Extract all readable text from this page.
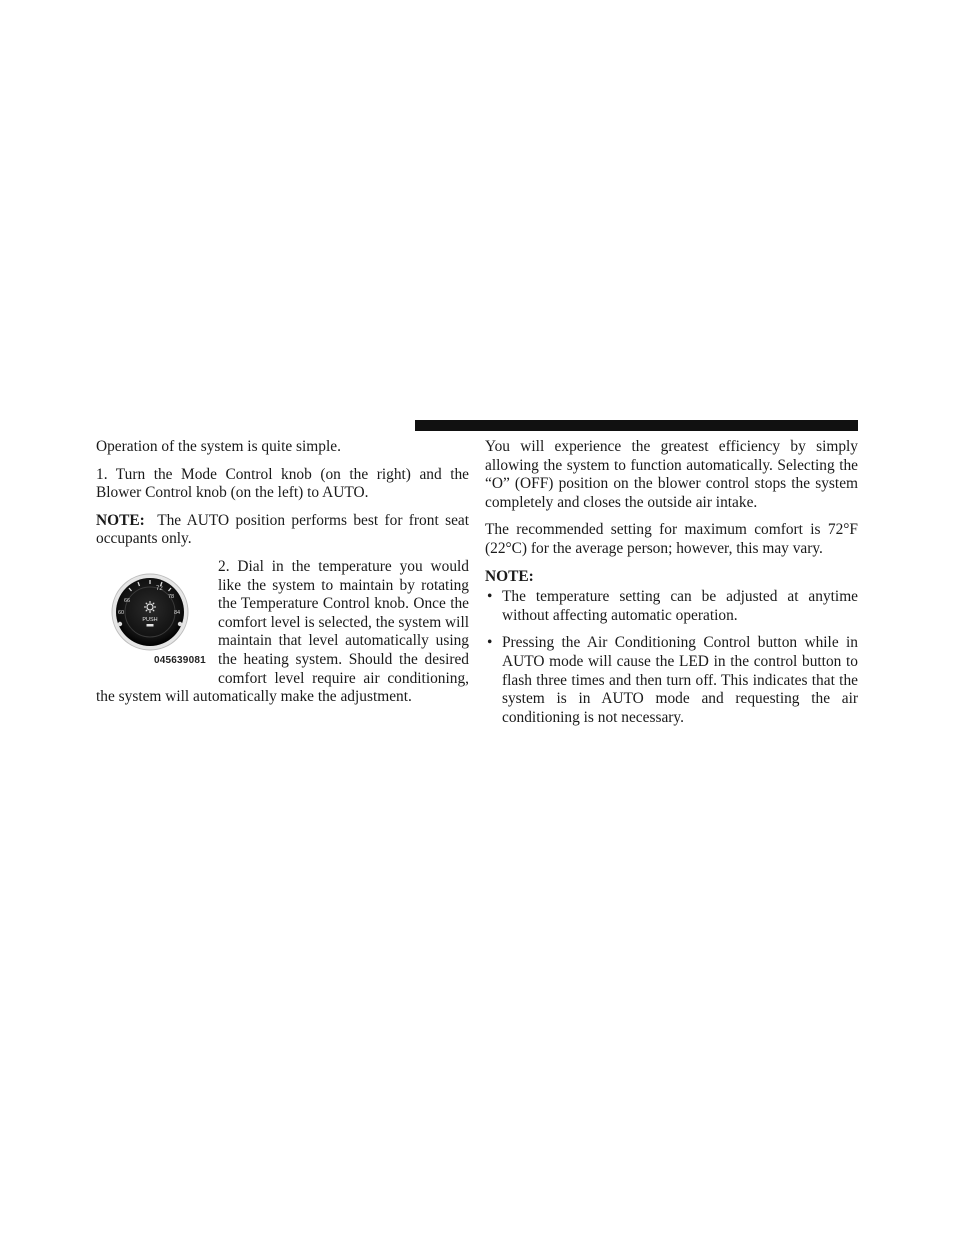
Operation of the system is quite simple.

1. Turn the Mode Control knob (on the right) and the Blower Control knob (on the left) to AUTO.

NOTE: The AUTO position performs best for front seat occupants only.

72
66
78
60	84
PUSH
045639081

2. Dial in the temperature you would like the system to maintain by rotating the Temperature Control knob. Once the comfort level is selected, the system will maintain that level automatically using the heating system. Should the desired comfort level require air conditioning, the system will automatically make the adjustment.

You will experience the greatest efficiency by simply allowing the system to function automatically. Selecting the “O” (OFF) position on the blower control stops the system completely and closes the outside air intake.

The recommended setting for maximum comfort is 72°F (22°C) for the average person; however, this may vary.

NOTE:
• The temperature setting can be adjusted at anytime without affecting automatic operation.
• Pressing the Air Conditioning Control button while in AUTO mode will cause the LED in the control button to flash three times and then turn off. This indicates that the system is in AUTO mode and requesting the air conditioning is not necessary.
